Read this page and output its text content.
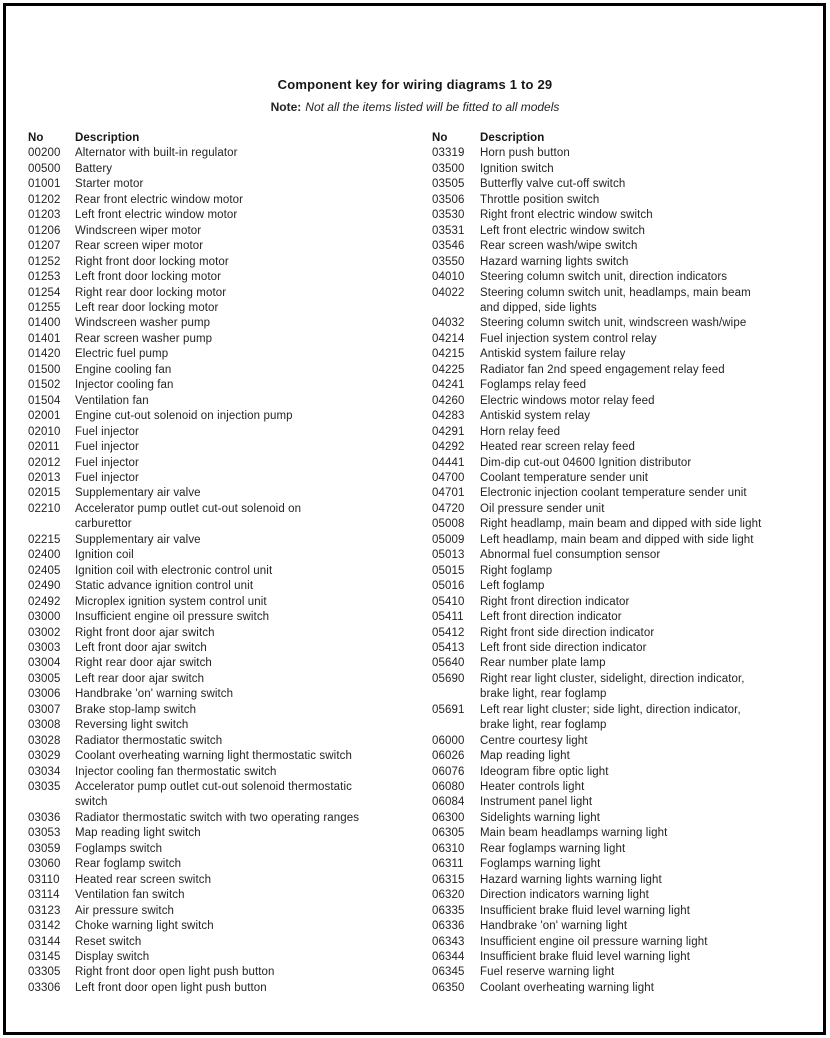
Component key for wiring diagrams 1 to 29
Note: Not all the items listed will be fitted to all models
No	Description
00200	Alternator with built-in regulator
00500	Battery
01001	Starter motor
01202	Rear front electric window motor
01203	Left front electric window motor
01206	Windscreen wiper motor
01207	Rear screen wiper motor
01252	Right front door locking motor
01253	Left front door locking motor
01254	Right rear door locking motor
01255	Left rear door locking motor
01400	Windscreen washer pump
01401	Rear screen washer pump
01420	Electric fuel pump
01500	Engine cooling fan
01502	Injector cooling fan
01504	Ventilation fan
02001	Engine cut-out solenoid on injection pump
02010	Fuel injector
02011	Fuel injector
02012	Fuel injector
02013	Fuel injector
02015	Supplementary air valve
02210	Accelerator pump outlet cut-out solenoid on
carburettor
02215	Supplementary air valve
02400	Ignition coil
02405	Ignition coil with electronic control unit
02490	Static advance ignition control unit
02492	Microplex ignition system control unit
03000	Insufficient engine oil pressure switch
03002	Right front door ajar switch
03003	Left front door ajar switch
03004	Right rear door ajar switch
03005	Left rear door ajar switch
03006	Handbrake 'on' warning switch
03007	Brake stop-lamp switch
03008	Reversing light switch
03028	Radiator thermostatic switch
03029	Coolant overheating warning light thermostatic switch
03034	Injector cooling fan thermostatic switch
03035	Accelerator pump outlet cut-out solenoid thermostatic
switch
03036	Radiator thermostatic switch with two operating ranges
03053	Map reading light switch
03059	Foglamps switch
03060	Rear foglamp switch
03110	Heated rear screen switch
03114	Ventilation fan switch
03123	Air pressure switch
03142	Choke warning light switch
03144	Reset switch
03145	Display switch
03305	Right front door open light push button
03306	Left front door open light push button
No	Description
03319	Horn push button
03500	Ignition switch
03505	Butterfly valve cut-off switch
03506	Throttle position switch
03530	Right front electric window switch
03531	Left front electric window switch
03546	Rear screen wash/wipe switch
03550	Hazard warning lights switch
04010	Steering column switch unit, direction indicators
04022	Steering column switch unit, headlamps, main beam
and dipped, side lights
04032	Steering column switch unit, windscreen wash/wipe
04214	Fuel injection system control relay
04215	Antiskid system failure relay
04225	Radiator fan 2nd speed engagement relay feed
04241	Foglamps relay feed
04260	Electric windows motor relay feed
04283	Antiskid system relay
04291	Horn relay feed
04292	Heated rear screen relay feed
04441	Dim-dip cut-out 04600 Ignition distributor
04700	Coolant temperature sender unit
04701	Electronic injection coolant temperature sender unit
04720	Oil pressure sender unit
05008	Right headlamp, main beam and dipped with side light
05009	Left headlamp, main beam and dipped with side light
05013	Abnormal fuel consumption sensor
05015	Right foglamp
05016	Left foglamp
05410	Right front direction indicator
05411	Left front direction indicator
05412	Right front side direction indicator
05413	Left front side direction indicator
05640	Rear number plate lamp
05690	Right rear light cluster, sidelight, direction indicator,
brake light, rear foglamp
05691	Left rear light cluster; side light, direction indicator,
brake light, rear foglamp
06000	Centre courtesy light
06026	Map reading light
06076	Ideogram fibre optic light
06080	Heater controls light
06084	Instrument panel light
06300	Sidelights warning light
06305	Main beam headlamps warning light
06310	Rear foglamps warning light
06311	Foglamps warning light
06315	Hazard warning lights warning light
06320	Direction indicators warning light
06335	Insufficient brake fluid level warning light
06336	Handbrake 'on' warning light
06343	Insufficient engine oil pressure warning light
06344	Insufficient brake fluid level warning light
06345	Fuel reserve warning light
06350	Coolant overheating warning light
